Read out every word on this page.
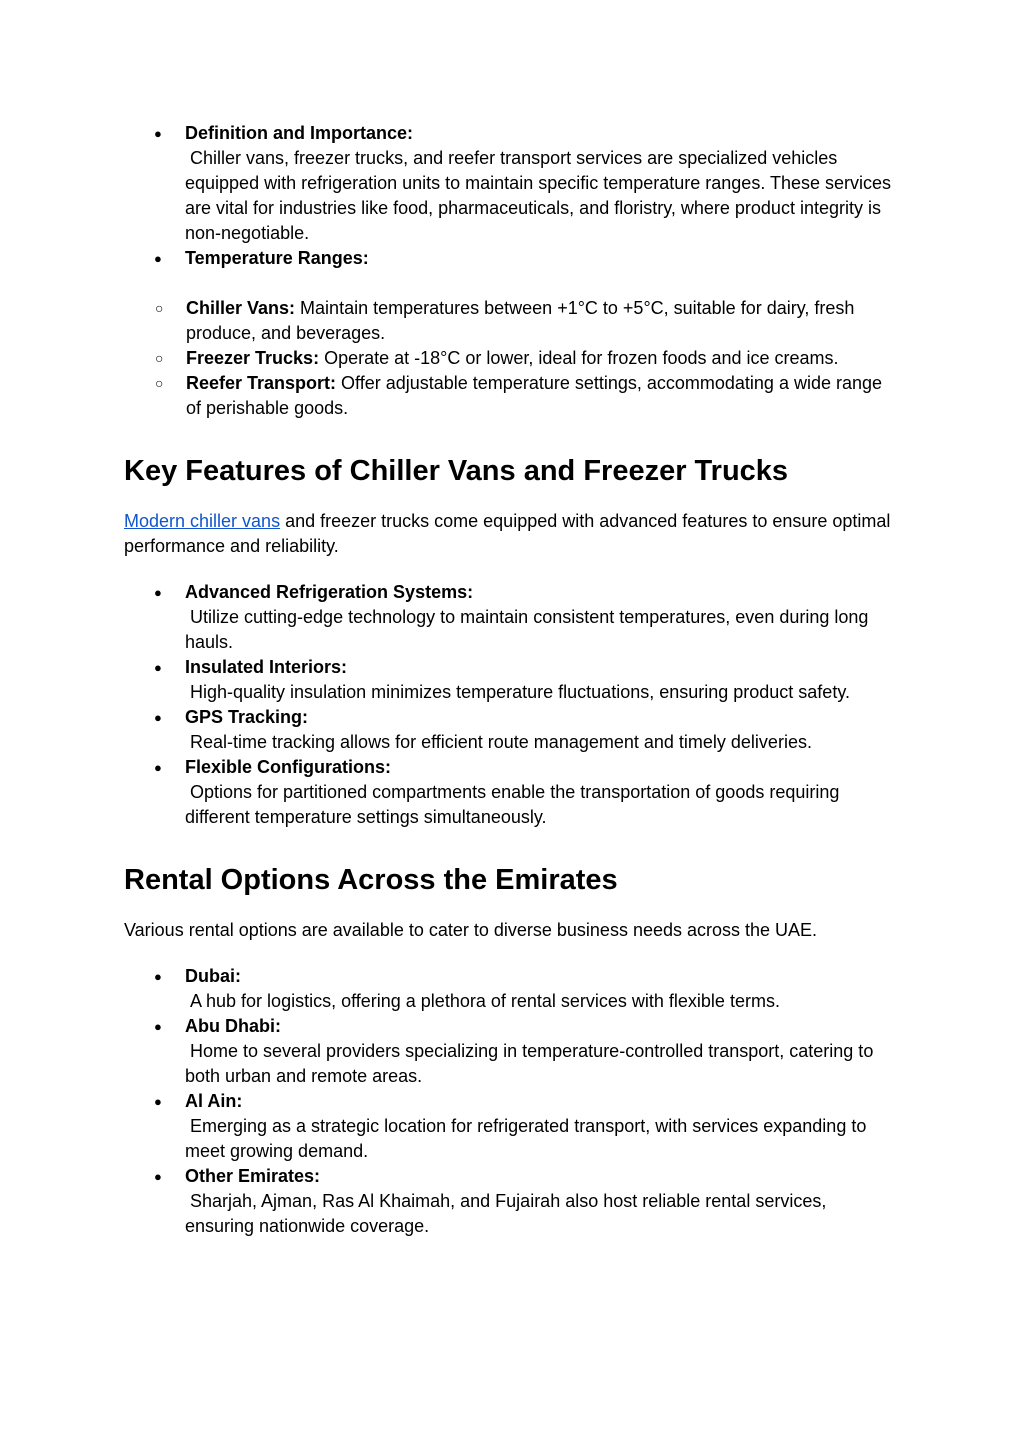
● Definition and Importance:
Chiller vans, freezer trucks, and reefer transport services are specialized vehicles equipped with refrigeration units to maintain specific temperature ranges. These services are vital for industries like food, pharmaceuticals, and floristry, where product integrity is non-negotiable.
● Temperature Ranges:
○ Chiller Vans: Maintain temperatures between +1°C to +5°C, suitable for dairy, fresh produce, and beverages.
○ Freezer Trucks: Operate at -18°C or lower, ideal for frozen foods and ice creams.
○ Reefer Transport: Offer adjustable temperature settings, accommodating a wide range of perishable goods.
Key Features of Chiller Vans and Freezer Trucks

Modern chiller vans and freezer trucks come equipped with advanced features to ensure optimal performance and reliability.

● Advanced Refrigeration Systems:
Utilize cutting-edge technology to maintain consistent temperatures, even during long hauls.
● Insulated Interiors:
High-quality insulation minimizes temperature fluctuations, ensuring product safety.
● GPS Tracking:
Real-time tracking allows for efficient route management and timely deliveries.
● Flexible Configurations:
Options for partitioned compartments enable the transportation of goods requiring different temperature settings simultaneously.
Rental Options Across the Emirates

Various rental options are available to cater to diverse business needs across the UAE.

● Dubai:
A hub for logistics, offering a plethora of rental services with flexible terms.
● Abu Dhabi:
Home to several providers specializing in temperature-controlled transport, catering to both urban and remote areas.
● Al Ain:
Emerging as a strategic location for refrigerated transport, with services expanding to meet growing demand.
● Other Emirates:
Sharjah, Ajman, Ras Al Khaimah, and Fujairah also host reliable rental services, ensuring nationwide coverage.
